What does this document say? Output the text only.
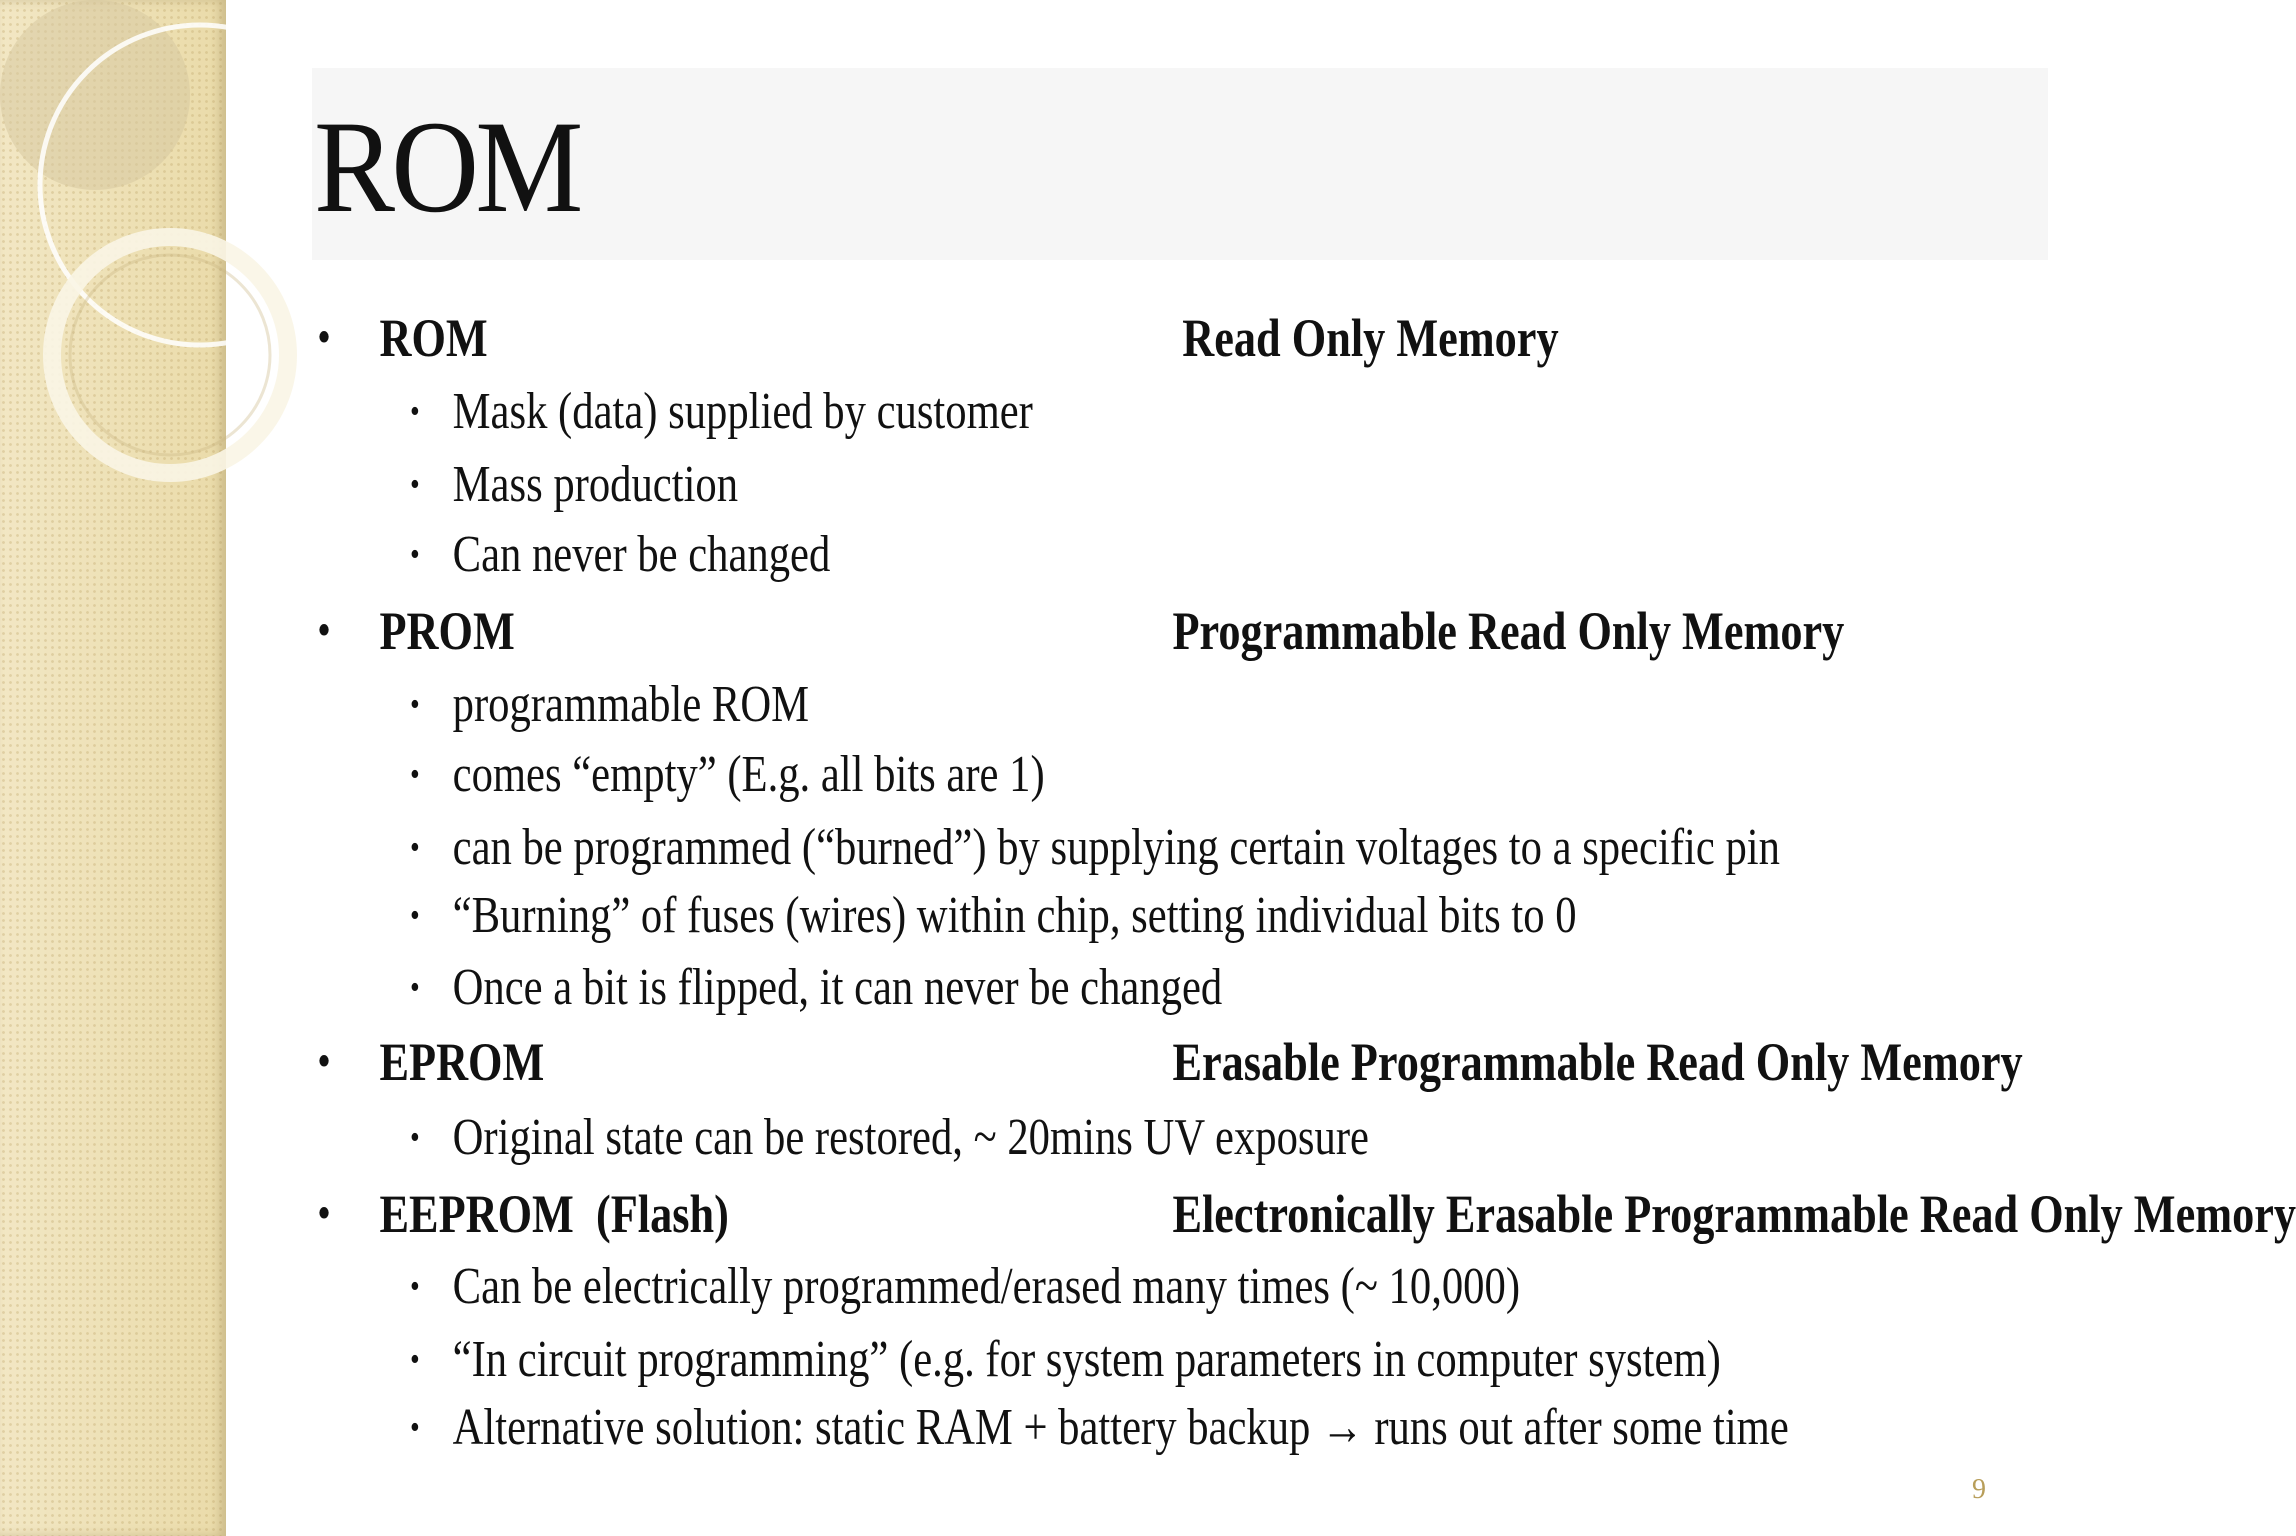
ROM
• ROM	Read Only Memory
• Mask (data) supplied by customer
• Mass production
• Can never be changed
• PROM	Programmable Read Only Memory
• programmable ROM
• comes “empty” (E.g. all bits are 1)
• can be programmed (“burned”) by supplying certain voltages to a specific pin
• “Burning” of fuses (wires) within chip, setting individual bits to 0
• Once a bit is flipped, it can never be changed
• EPROM	Erasable Programmable Read Only Memory
• Original state can be restored, ~ 20mins UV exposure
• EEPROM  (Flash)	Electronically Erasable Programmable Read Only Memory
• Can be electrically programmed/erased many times (~ 10,000)
• “In circuit programming” (e.g. for system parameters in computer system)
• Alternative solution: static RAM + battery backup → runs out after some time
9
